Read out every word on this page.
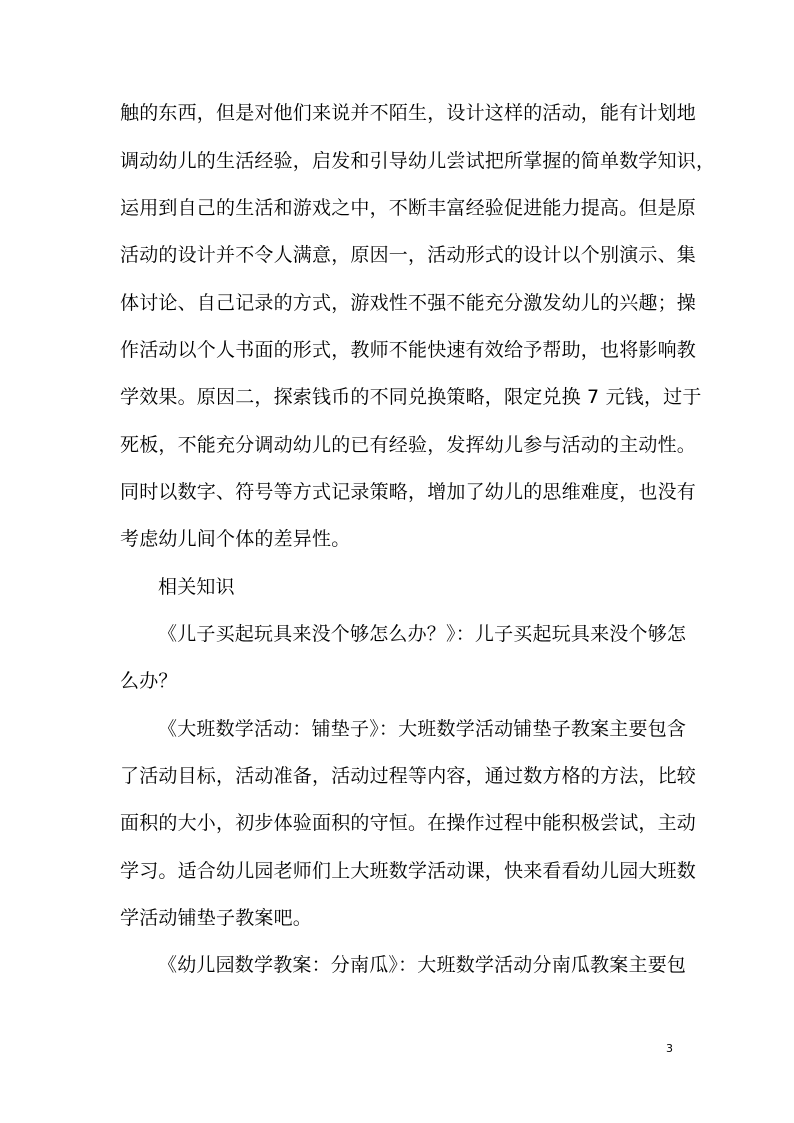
触的东西，但是对他们来说并不陌生，设计这样的活动，能有计划地
调动幼儿的生活经验，启发和引导幼儿尝试把所掌握的简单数学知识，
运用到自己的生活和游戏之中，不断丰富经验促进能力提高。但是原
活动的设计并不令人满意，原因一，活动形式的设计以个别演示、集
体讨论、自己记录的方式，游戏性不强不能充分激发幼儿的兴趣；操
作活动以个人书面的形式，教师不能快速有效给予帮助，也将影响教
学效果。原因二，探索钱币的不同兑换策略，限定兑换 7 元钱，过于
死板，不能充分调动幼儿的已有经验，发挥幼儿参与活动的主动性。
同时以数字、符号等方式记录策略，增加了幼儿的思维难度，也没有
考虑幼儿间个体的差异性。
相关知识
《儿子买起玩具来没个够怎么办？》：儿子买起玩具来没个够怎
么办？
《大班数学活动：铺垫子》：大班数学活动铺垫子教案主要包含
了活动目标，活动准备，活动过程等内容，通过数方格的方法，比较
面积的大小，初步体验面积的守恒。在操作过程中能积极尝试，主动
学习。适合幼儿园老师们上大班数学活动课，快来看看幼儿园大班数
学活动铺垫子教案吧。
《幼儿园数学教案：分南瓜》：大班数学活动分南瓜教案主要包
3
